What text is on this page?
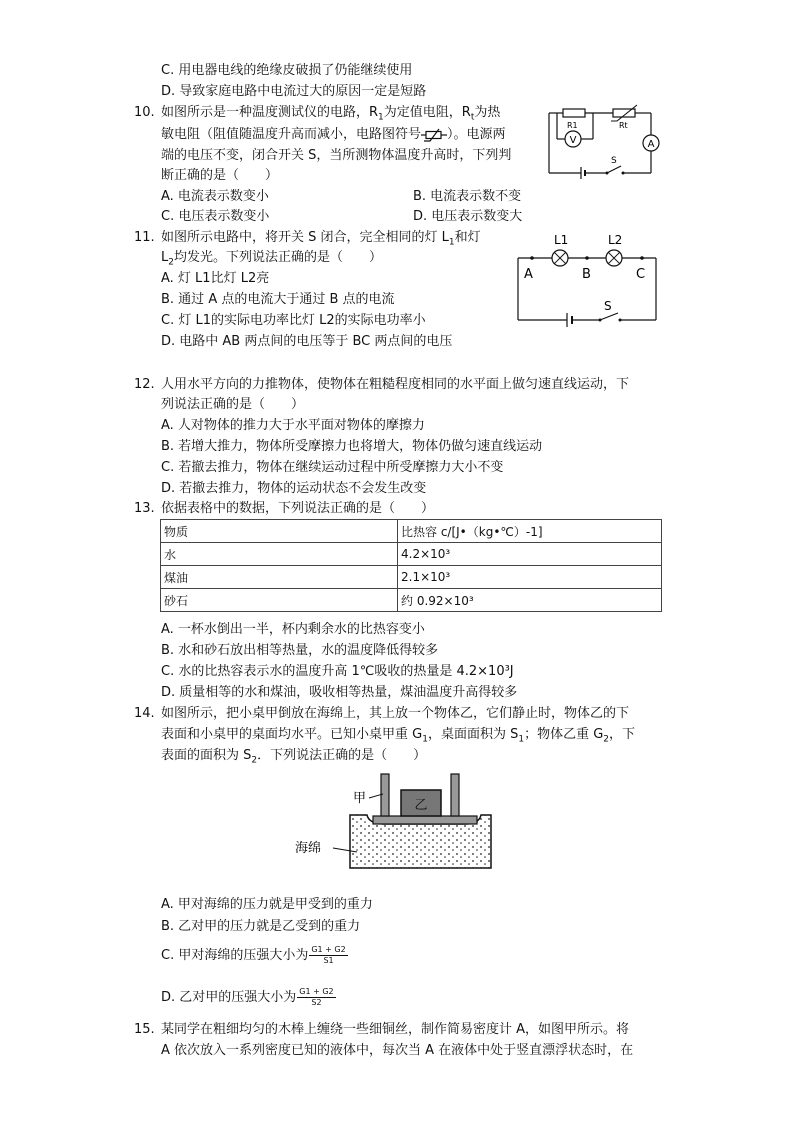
C. 用电器电线的绝缘皮破损了仍能继续使用
D. 导致家庭电路中电流过大的原因一定是短路
10. 如图所示是一种温度测试仪的电路，$R_1$为定值电阻，$R_t$为热
敏电阻（阻值随温度升高而减小，电路图符号 ）。电源两
端的电压不变，闭合开关 S，当所测物体温度升高时，下列判
断正确的是（　　）
A
S
V
R1	Rt
A. 电流表示数变小	B. 电流表示数不变
C. 电压表示数变小	D. 电压表示数变大
11. 如图所示电路中，将开关 S 闭合，完全相同的灯 $L_1$和灯
$L_2$均发光。下列说法正确的是（　　）
L1	L2
A	B	C
S
A. 灯 L1比灯 L2亮
B. 通过 A 点的电流大于通过 B 点的电流
C. 灯 L1的实际电功率比灯 L2的实际电功率小
D. 电路中 AB 两点间的电压等于 BC 两点间的电压
12. 人用水平方向的力推物体，使物体在粗糙程度相同的水平面上做匀速直线运动，下
列说法正确的是（　　）
A. 人对物体的推力大于水平面对物体的摩擦力
B. 若增大推力，物体所受摩擦力也将增大，物体仍做匀速直线运动
C. 若撤去推力，物体在继续运动过程中所受摩擦力大小不变
D. 若撤去推力，物体的运动状态不会发生改变
13. 依据表格中的数据，下列说法正确的是（　　）
物质	比热容 c/[J•（kg•℃）-1]
水	4.2×10³
煤油	2.1×10³
砂石	约 0.92×10³
A. 一杯水倒出一半，杯内剩余水的比热容变小
B. 水和砂石放出相等热量，水的温度降低得较多
C. 水的比热容表示水的温度升高 1℃吸收的热量是 4.2×10³J
D. 质量相等的水和煤油，吸收相等热量，煤油温度升高得较多
14. 如图所示，把小桌甲倒放在海绵上，其上放一个物体乙，它们静止时，物体乙的下
表面和小桌甲的桌面均水平。已知小桌甲重 $G_1$，桌面面积为 $S_1$；物体乙重 $G_2$，下
表面的面积为 $S_2$．下列说法正确的是（　　）
乙
甲
海绵
A. 甲对海绵的压力就是甲受到的重力
B. 乙对甲的压力就是乙受到的重力
C. 甲对海绵的压强大小为 $\frac{G1 + G2}{S1}$
D. 乙对甲的压强大小为 $\frac{G1 + G2}{S2}$
15. 某同学在粗细均匀的木棒上缠绕一些细铜丝，制作简易密度计 A，如图甲所示。将
A 依次放入一系列密度已知的液体中，每次当 A 在液体中处于竖直漂浮状态时，在
